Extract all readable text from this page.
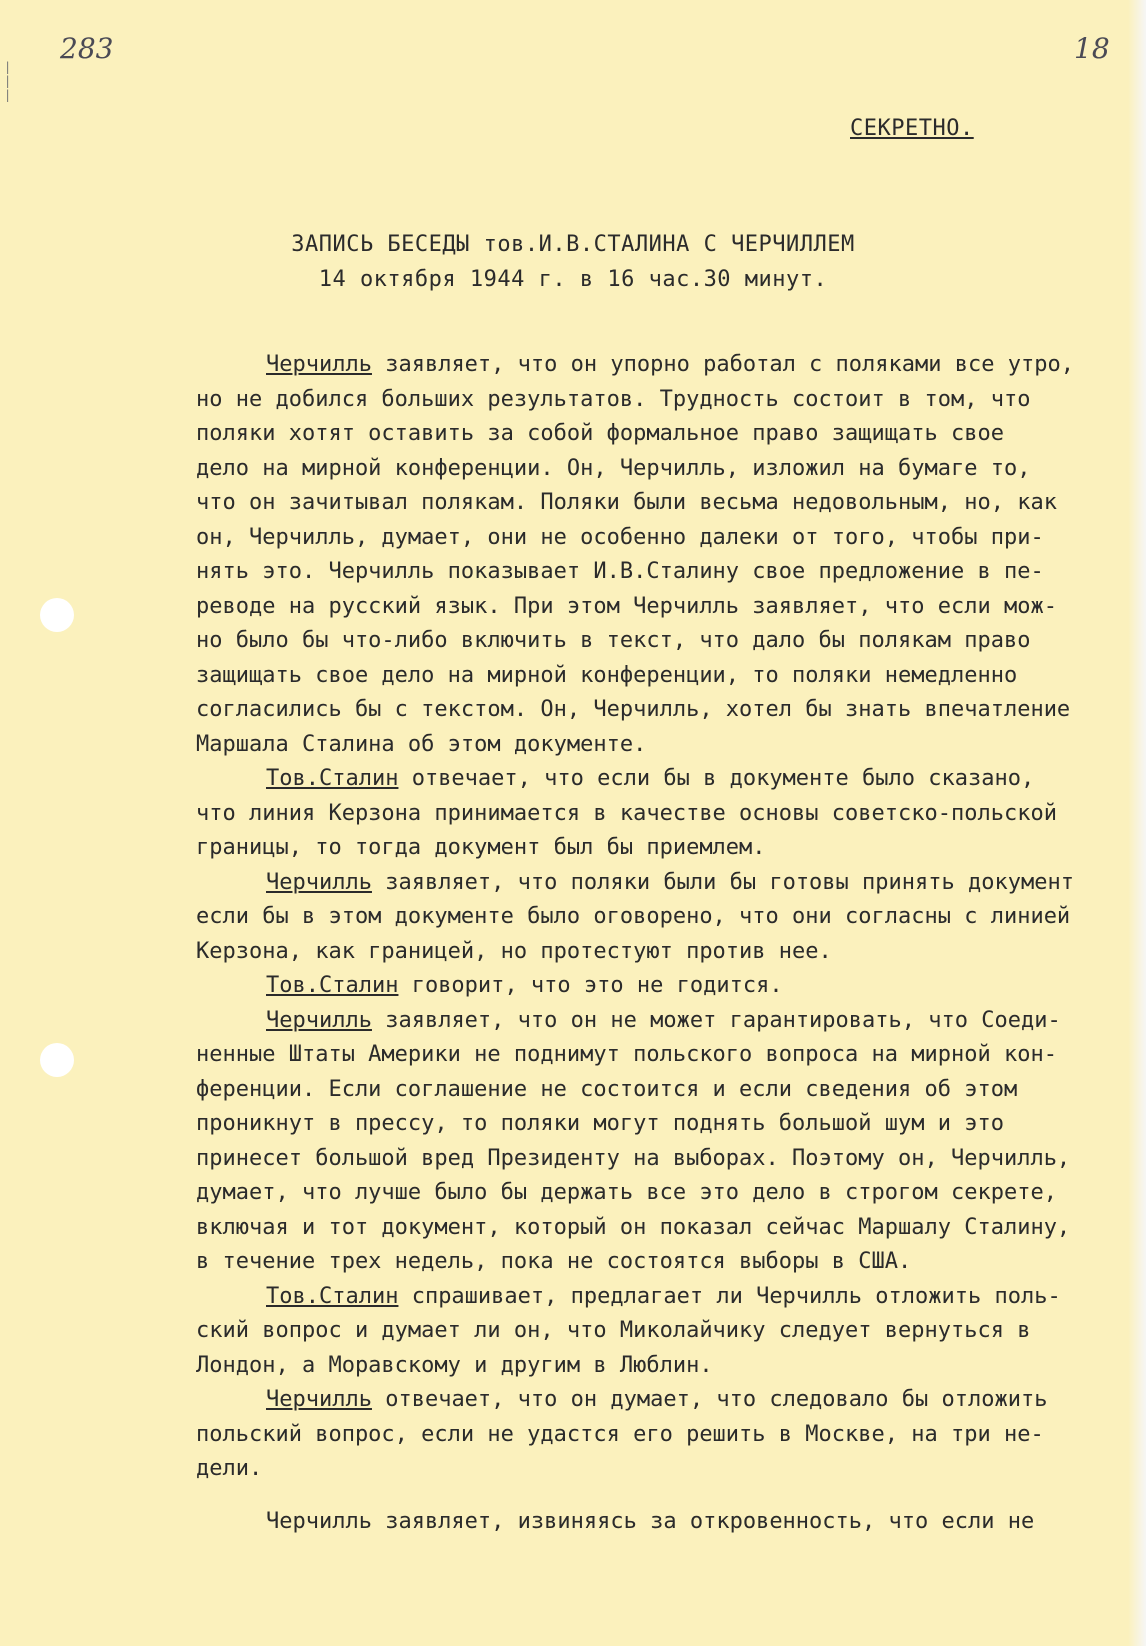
|
|
|
283	18
СЕКРЕТНО.
ЗАПИСЬ БЕСЕДЫ тов.И.В.СТАЛИНА С ЧЕРЧИЛЛЕМ
14 октября 1944 г. в 16 час.30 минут.
Черчилль заявляет, что он упорно работал с поляками все утро,
но не добился больших результатов. Трудность состоит в том, что
поляки хотят оставить за собой формальное право защищать свое
дело на мирной конференции. Он, Черчилль, изложил на бумаге то,
что он зачитывал полякам. Поляки были весьма недовольным, но, как
он, Черчилль, думает, они не особенно далеки от того, чтобы при-
нять это. Черчилль показывает И.В.Сталину свое предложение в пе-
реводе на русский язык. При этом Черчилль заявляет, что если мож-
но было бы что-либо включить в текст, что дало бы полякам право
защищать свое дело на мирной конференции, то поляки немедленно
согласились бы с текстом. Он, Черчилль, хотел бы знать впечатление
Маршала Сталина об этом документе.
Тов.Сталин отвечает, что если бы в документе было сказано,
что линия Керзона принимается в качестве основы советско-польской
границы, то тогда документ был бы приемлем.
Черчилль заявляет, что поляки были бы готовы принять документ
если бы в этом документе было оговорено, что они согласны с линией
Керзона, как границей, но протестуют против нее.
Тов.Сталин говорит, что это не годится.
Черчилль заявляет, что он не может гарантировать, что Соеди-
ненные Штаты Америки не поднимут польского вопроса на мирной кон-
ференции. Если соглашение не состоится и если сведения об этом
проникнут в прессу, то поляки могут поднять большой шум и это
принесет большой вред Президенту на выборах. Поэтому он, Черчилль,
думает, что лучше было бы держать все это дело в строгом секрете,
включая и тот документ, который он показал сейчас Маршалу Сталину,
в течение трех недель, пока не состоятся выборы в США.
Тов.Сталин спрашивает, предлагает ли Черчилль отложить поль-
ский вопрос и думает ли он, что Миколайчику следует вернуться в
Лондон, а Моравскому и другим в Люблин.
Черчилль отвечает, что он думает, что следовало бы отложить
польский вопрос, если не удастся его решить в Москве, на три не-
дели.
Черчилль заявляет, извиняясь за откровенность, что если не
